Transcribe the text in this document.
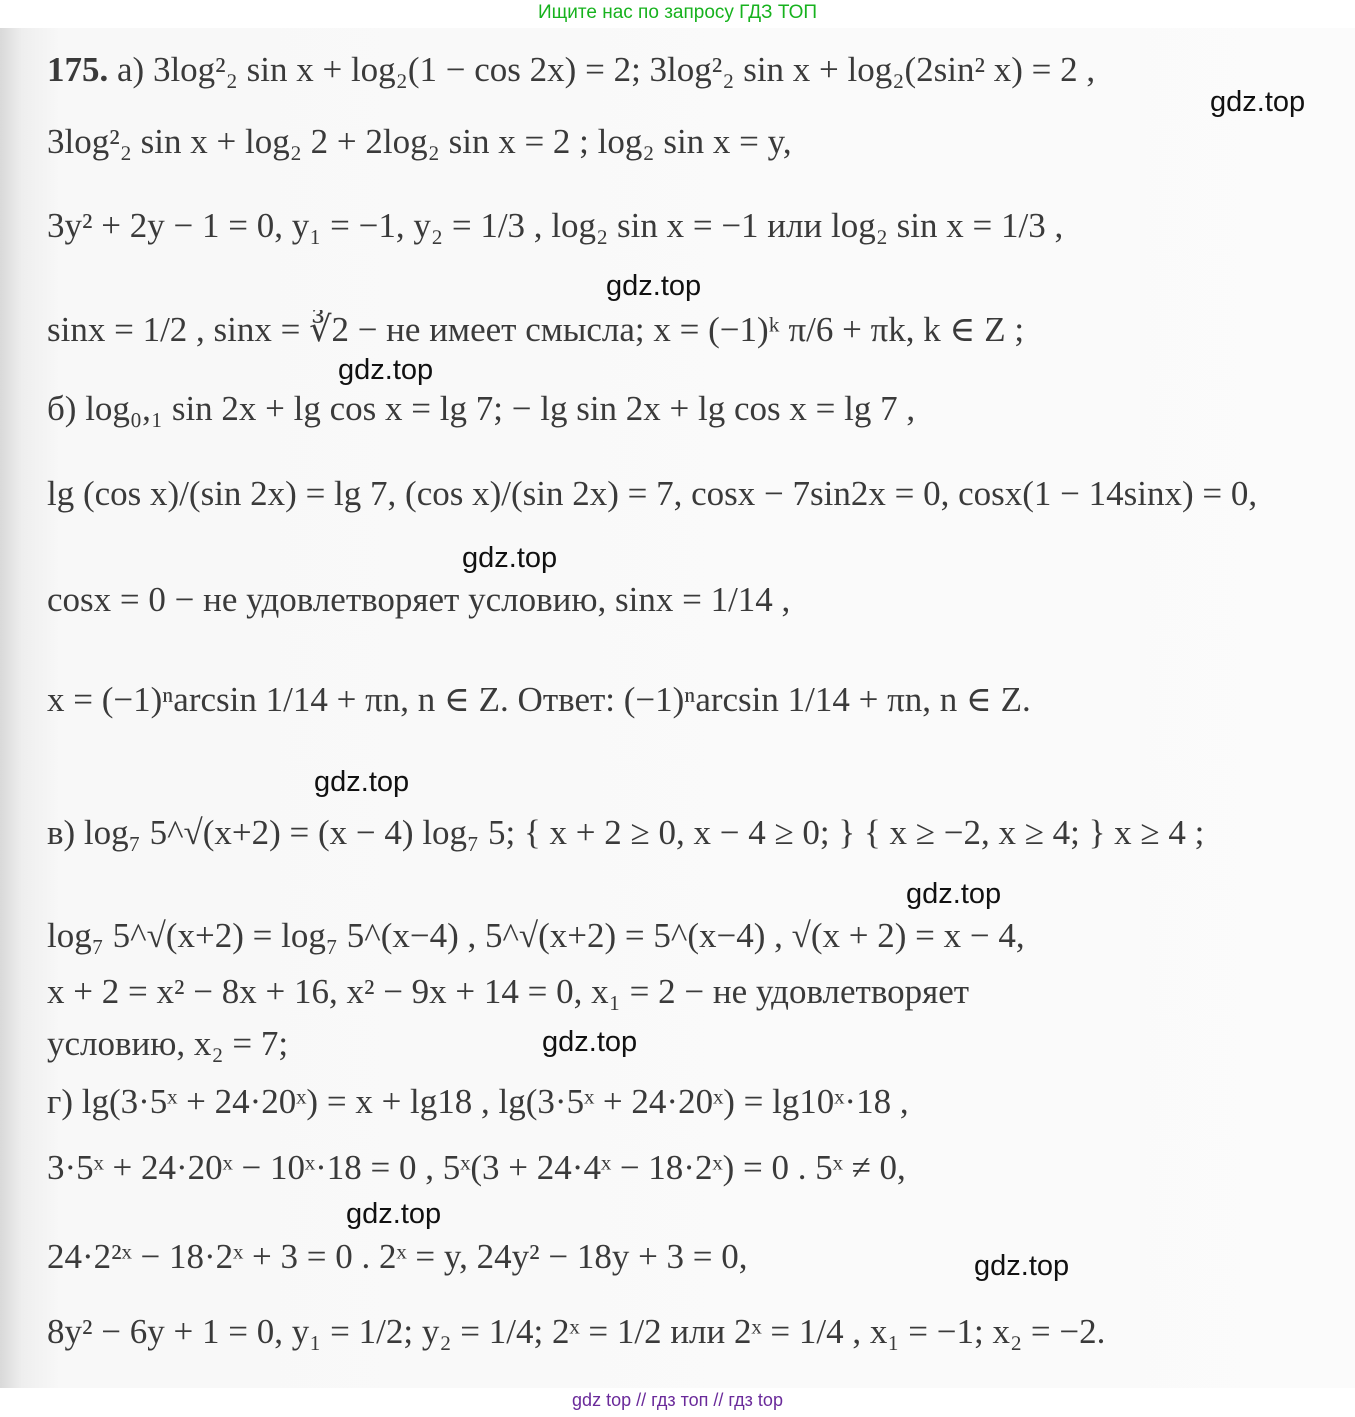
Ищите нас по запросу ГДЗ ТОП
175. а) 3log²₂ sin x + log₂(1 − cos 2x) = 2; 3log²₂ sin x + log₂(2sin² x) = 2 ,
3log²₂ sin x + log₂ 2 + 2log₂ sin x = 2 ; log₂ sin x = y,
3y² + 2y − 1 = 0, y₁ = −1, y₂ = 1/3 , log₂ sin x = −1 или log₂ sin x = 1/3 ,
sinx = 1/2 , sinx = ∛2 − не имеет смысла; x = (−1)ᵏ π/6 + πk, k ∈ Z ;
б) log₀,₁ sin 2x + lg cos x = lg 7; − lg sin 2x + lg cos x = lg 7 ,
lg (cos x)/(sin 2x) = lg 7, (cos x)/(sin 2x) = 7, cosx − 7sin2x = 0, cosx(1 − 14sinx) = 0,
cosx = 0 − не удовлетворяет условию, sinx = 1/14 ,
x = (−1)ⁿarcsin 1/14 + πn, n ∈ Z. Ответ: (−1)ⁿarcsin 1/14 + πn, n ∈ Z.
в) log₇ 5^√(x+2) = (x − 4) log₇ 5; { x + 2 ≥ 0, x − 4 ≥ 0; } { x ≥ −2, x ≥ 4; } x ≥ 4 ;
log₇ 5^√(x+2) = log₇ 5^(x−4) , 5^√(x+2) = 5^(x−4) , √(x + 2) = x − 4,
x + 2 = x² − 8x + 16, x² − 9x + 14 = 0, x₁ = 2 − не удовлетворяет
условию, x₂ = 7;
г) lg(3·5ˣ + 24·20ˣ) = x + lg18 , lg(3·5ˣ + 24·20ˣ) = lg10ˣ·18 ,
3·5ˣ + 24·20ˣ − 10ˣ·18 = 0 , 5ˣ(3 + 24·4ˣ − 18·2ˣ) = 0 . 5ˣ ≠ 0,
24·2²ˣ − 18·2ˣ + 3 = 0 . 2ˣ = y, 24y² − 18y + 3 = 0,
8y² − 6y + 1 = 0, y₁ = 1/2; y₂ = 1/4; 2ˣ = 1/2 или 2ˣ = 1/4 , x₁ = −1; x₂ = −2.
gdz.top
gdz.top
gdz.top
gdz.top
gdz.top
gdz.top
gdz.top
gdz.top
gdz.top
gdz top // гдз топ // гдз top
